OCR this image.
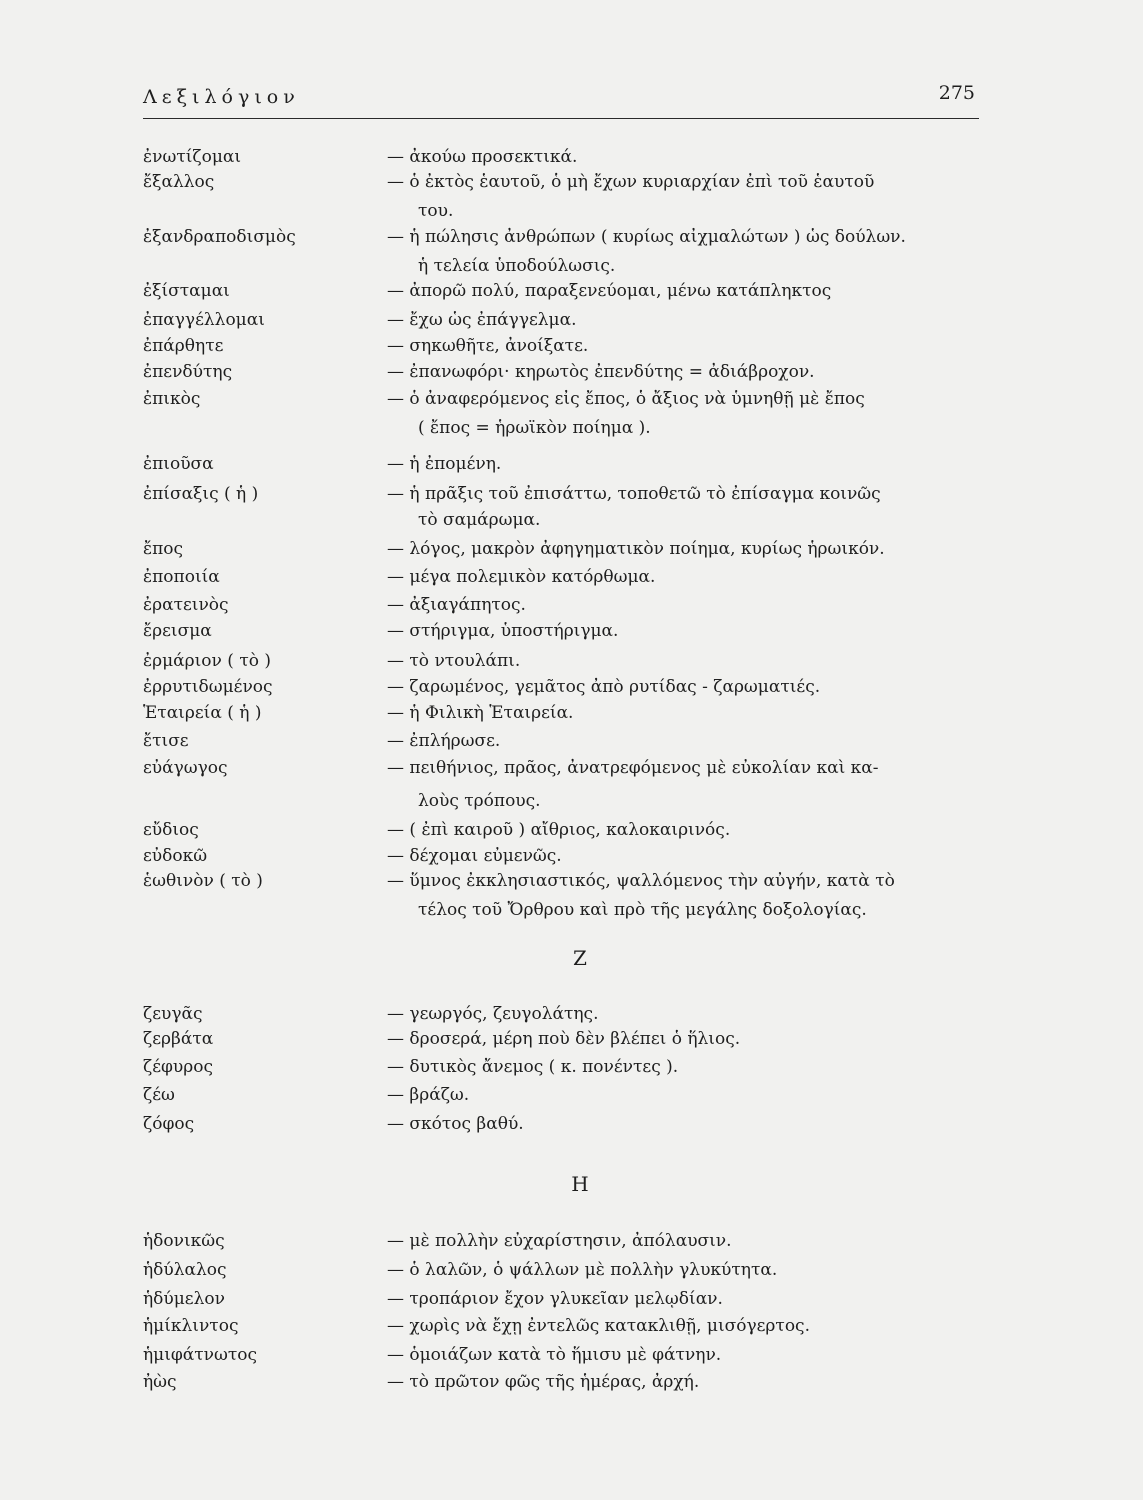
Λεξιλόγιον	275
ἐνωτίζομαι	— ἀκούω προσεκτικά.
ἔξαλλος	— ὁ ἐκτὸς ἑαυτοῦ, ὁ μὴ ἔχων κυριαρχίαν ἐπὶ τοῦ ἑαυτοῦ
του.
ἐξανδραποδισμὸς	— ἡ πώλησις ἀνθρώπων ( κυρίως αἰχμαλώτων ) ὡς δούλων.
ἡ τελεία ὑποδούλωσις.
ἐξίσταμαι	— ἀπορῶ πολύ, παραξενεύομαι, μένω κατάπληκτος
ἐπαγγέλλομαι	— ἔχω ὡς ἐπάγγελμα.
ἐπάρθητε	— σηκωθῆτε, ἀνοίξατε.
ἐπενδύτης	— ἐπανωφόρι· κηρωτὸς ἐπενδύτης = ἀδιάβροχον.
ἐπικὸς	— ὁ ἀναφερόμενος εἰς ἔπος, ὁ ἄξιος νὰ ὑμνηθῇ μὲ ἔπος
( ἔπος = ἡρωϊκὸν ποίημα ).
ἐπιοῦσα	— ἡ ἐπομένη.
ἐπίσαξις ( ἡ )	— ἡ πρᾶξις τοῦ ἐπισάττω, τοποθετῶ τὸ ἐπίσαγμα κοινῶς
τὸ σαμάρωμα.
ἔπος	— λόγος, μακρὸν ἀφηγηματικὸν ποίημα, κυρίως ἡρωικόν.
ἐποποιία	— μέγα πολεμικὸν κατόρθωμα.
ἐρατεινὸς	— ἀξιαγάπητος.
ἔρεισμα	— στήριγμα, ὑποστήριγμα.
ἐρμάριον ( τὸ )	— τὸ ντουλάπι.
ἐρρυτιδωμένος	— ζαρωμένος, γεμᾶτος ἀπὸ ρυτίδας - ζαρωματιές.
Ἑταιρεία ( ἡ )	— ἡ Φιλικὴ Ἑταιρεία.
ἔτισε	— ἐπλήρωσε.
εὐάγωγος	— πειθήνιος, πρᾶος, ἀνατρεφόμενος μὲ εὐκολίαν καὶ κα-
λοὺς τρόπους.
εὔδιος	— ( ἐπὶ καιροῦ ) αἴθριος, καλοκαιρινός.
εὐδοκῶ	— δέχομαι εὐμενῶς.
ἑωθινὸν ( τὸ )	— ὕμνος ἐκκλησιαστικός, ψαλλόμενος τὴν αὐγήν, κατὰ τὸ
τέλος τοῦ Ὄρθρου καὶ πρὸ τῆς μεγάλης δοξολογίας.
Ζ
ζευγᾶς	— γεωργός, ζευγολάτης.
ζερβάτα	— δροσερά, μέρη ποὺ δὲν βλέπει ὁ ἥλιος.
ζέφυρος	— δυτικὸς ἄνεμος ( κ. πονέντες ).
ζέω	— βράζω.
ζόφος	— σκότος βαθύ.
Η
ἡδονικῶς	— μὲ πολλὴν εὐχαρίστησιν, ἀπόλαυσιν.
ἡδύλαλος	— ὁ λαλῶν, ὁ ψάλλων μὲ πολλὴν γλυκύτητα.
ἡδύμελον	— τροπάριον ἔχον γλυκεῖαν μελῳδίαν.
ἡμίκλιντος	— χωρὶς νὰ ἔχῃ ἐντελῶς κατακλιθῇ, μισόγερτος.
ἡμιφάτνωτος	— ὁμοιάζων κατὰ τὸ ἥμισυ μὲ φάτνην.
ἠὼς	— τὸ πρῶτον φῶς τῆς ἡμέρας, ἀρχή.
